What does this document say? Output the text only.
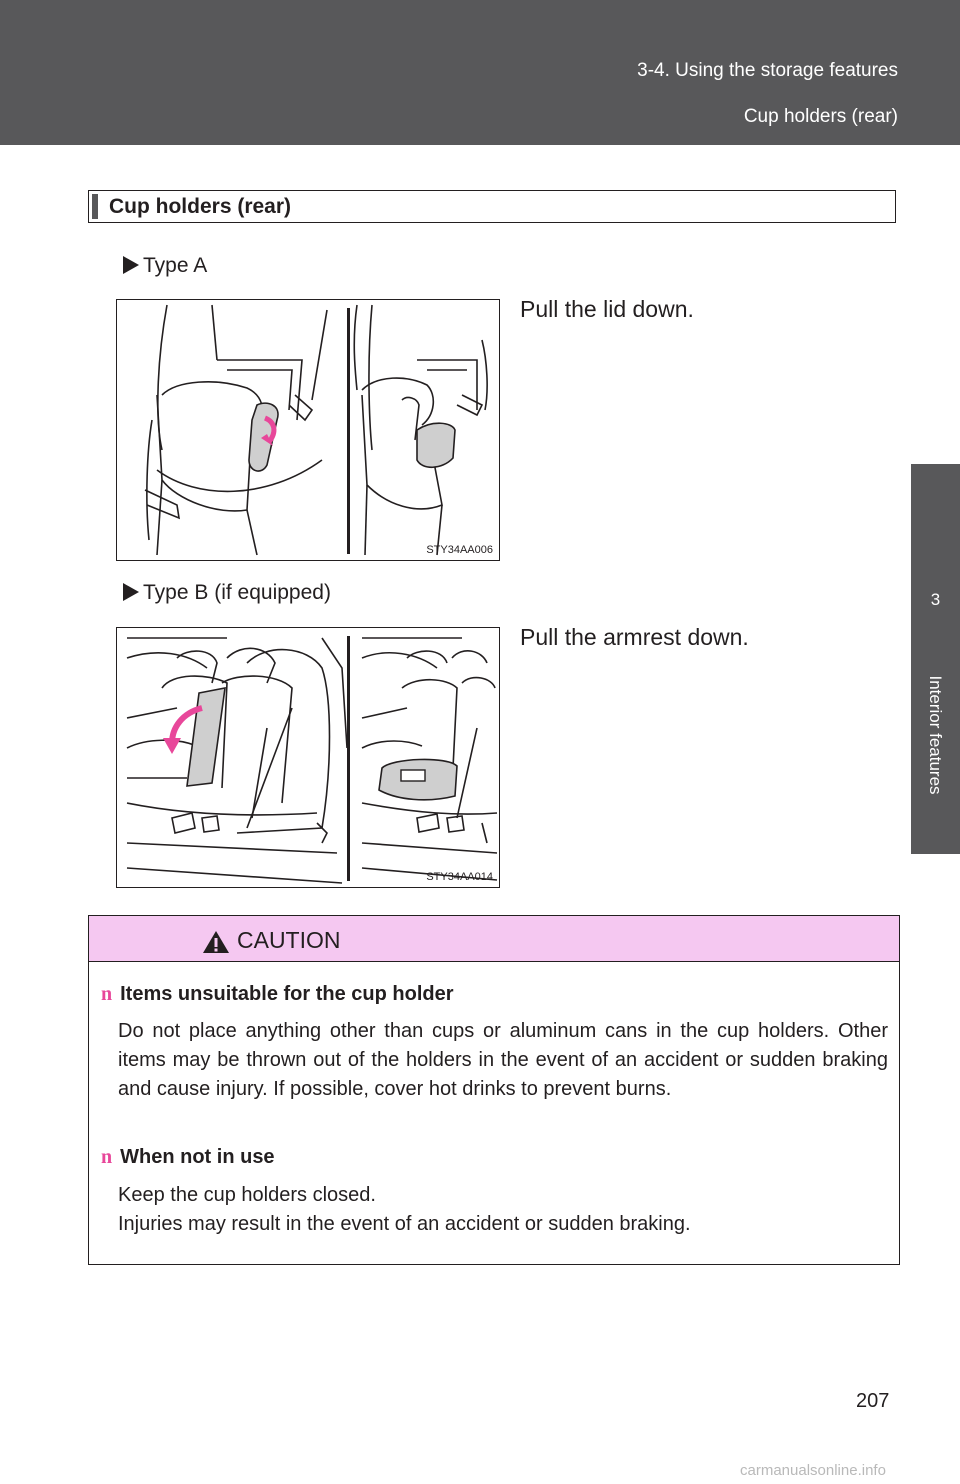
3-4. Using the storage features
Cup holders (rear)
3
Interior features
Cup holders (rear)
Type A
Pull the lid down.
STY34AA006
Type B (if equipped)
Pull the armrest down.
STY34AA014
CAUTION
n Items unsuitable for the cup holder

Do not place anything other than cups or aluminum cans in the cup holders. Other items may be thrown out of the holders in the event of an accident or sudden braking and cause injury. If possible, cover hot drinks to prevent burns.

n When not in use

Keep the cup holders closed.

Injuries may result in the event of an accident or sudden braking.

207
carmanualsonline.info
